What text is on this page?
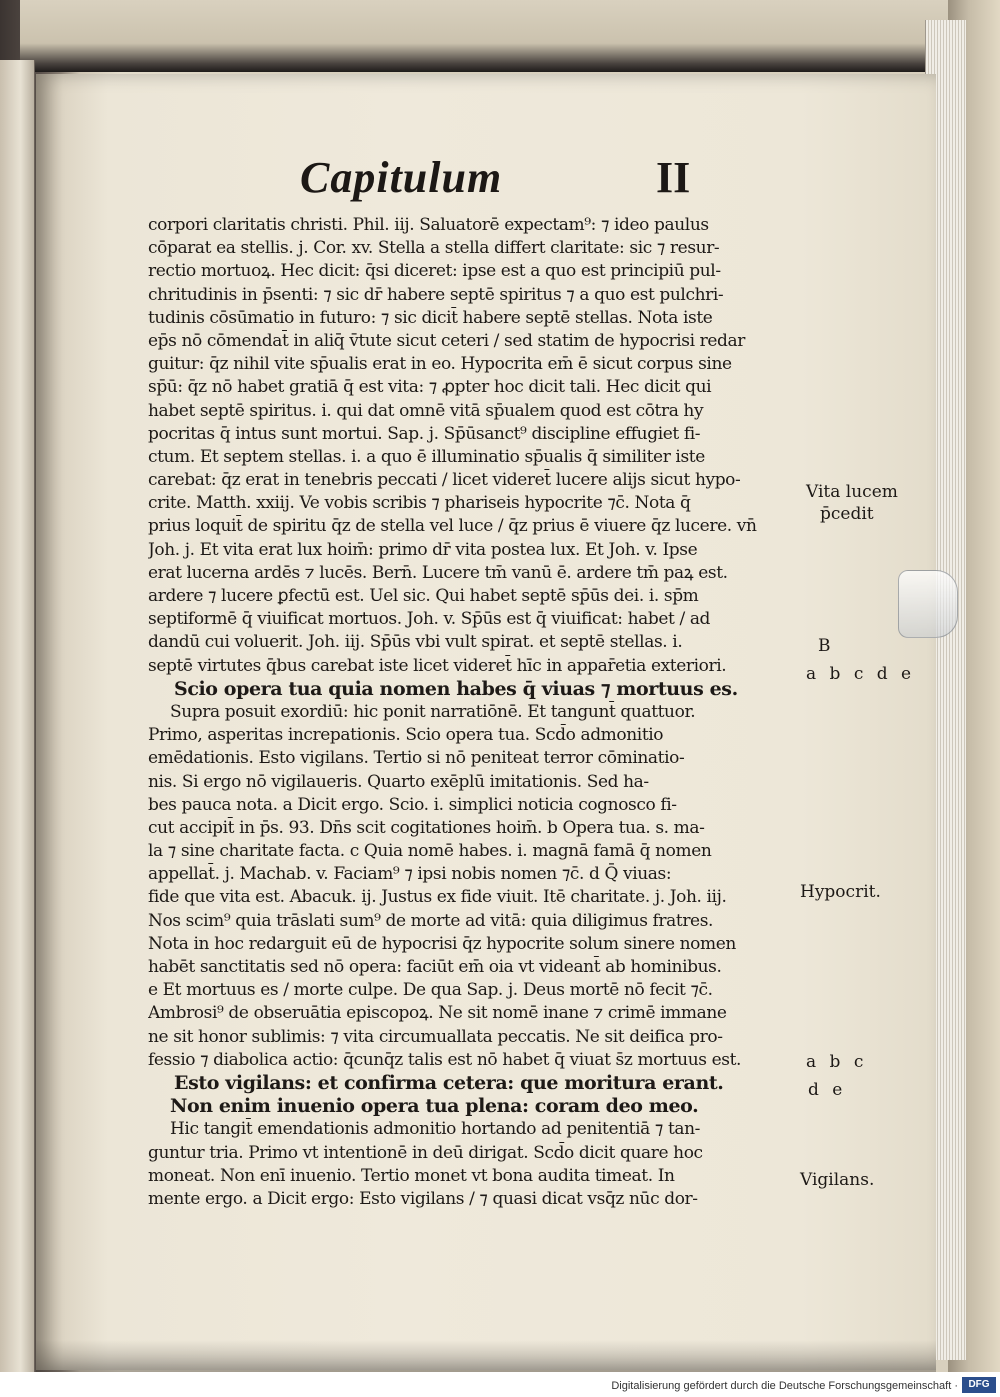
Capitulum	II
corpori claritatis christi. Phil. iij. Saluatorē expectam⁹: ⁊ ideo paulus
cōparat ea stellis. j. Cor. xv. Stella a stella differt claritate: sic ⁊ resur-
rectio mortuoꝝ. Hec dicit: q̄si diceret: ipse est a quo est principiū pul-
chritudinis in p̄senti: ⁊ sic dr̄ habere septē spiritus ⁊ a quo est pulchri-
tudinis cōsūmatio in futuro: ⁊ sic dicit̄ habere septē stellas. Nota iste
ep̄s nō cōmendat̄ in aliq̄ v̄tute sicut ceteri / sed statim de hypocrisi redar
guitur: q̄z nihil vite sp̄ualis erat in eo. Hypocrita em̄ ē sicut corpus sine
sp̄ū: q̄z nō habet gratiā q̄ est vita: ⁊ ꝓpter hoc dicit tali. Hec dicit qui
habet septē spiritus. i. qui dat omnē vitā sp̄ualem quod est cōtra hy
pocritas q̄ intus sunt mortui. Sap. j. Sp̄ūsanct⁹ discipline effugiet fi-
ctum. Et septem stellas. i. a quo ē illuminatio sp̄ualis q̄ similiter iste
carebat: q̄z erat in tenebris peccati / licet videret̄ lucere alijs sicut hypo-
crite. Matth. xxiij. Ve vobis scribis ⁊ phariseis hypocrite ⁊c̄. Nota q̄
prius loquit̄ de spiritu q̄z de stella vel luce / q̄z prius ē viuere q̄z lucere. vn̄
Joh. j. Et vita erat lux hoim̄: primo dr̄ vita postea lux. Et Joh. v. Ipse
erat lucerna ardēs ⁊ lucēs. Bern̄. Lucere tm̄ vanū ē. ardere tm̄ paꝝ est.
ardere ⁊ lucere ꝑfectū est. Uel sic. Qui habet septē sp̄ūs dei. i. sp̄m
septiformē q̄ viuificat mortuos. Joh. v. Sp̄ūs est q̄ viuificat: habet / ad
dandū cui voluerit. Joh. iij. Sp̄ūs vbi vult spirat. et septē stellas. i.
septē virtutes q̄bus carebat iste licet videret̄ hīc in appar̄etia exteriori.
Scio opera tua quia nomen habes q̄ viuas ⁊ mortuus es.
Supra posuit exordiū: hic ponit narratiōnē. Et tangunt̄ quattuor.
Primo, asperitas increpationis. Scio opera tua. Scd̄o admonitio
emēdationis. Esto vigilans. Tertio si nō peniteat terror cōminatio-
nis. Si ergo nō vigilaueris. Quarto exēplū imitationis. Sed ha-
bes pauca nota. a Dicit ergo. Scio. i. simplici noticia cognosco fi-
cut accipit̄ in p̄s. 93. Dn̄s scit cogitationes hoim̄. b Opera tua. s. ma-
la ⁊ sine charitate facta. c Quia nomē habes. i. magnā famā q̄ nomen
appellat̄. j. Machab. v. Faciam⁹ ⁊ ipsi nobis nomen ⁊c̄. d Q̄ viuas:
fide que vita est. Abacuk. ij. Justus ex fide viuit. Itē charitate. j. Joh. iij.
Nos scim⁹ quia trāslati sum⁹ de morte ad vitā: quia diligimus fratres.
Nota in hoc redarguit eū de hypocrisi q̄z hypocrite solum sinere nomen
habēt sanctitatis sed nō opera: faciūt em̄ oia vt videant̄ ab hominibus.
e Et mortuus es / morte culpe. De qua Sap. j. Deus mortē nō fecit ⁊c̄.
Ambrosi⁹ de obseruātia episcopoꝝ. Ne sit nomē inane ⁊ crimē immane
ne sit honor sublimis: ⁊ vita circumuallata peccatis. Ne sit deifica pro-
fessio ⁊ diabolica actio: q̄cunq̄z talis est nō habet q̄ viuat s̄z mortuus est.
Esto vigilans: et confirma cetera: que moritura erant.
Non enim inuenio opera tua plena: coram deo meo.
Hic tangit̄ emendationis admonitio hortando ad penitentiā ⁊ tan-
guntur tria. Primo vt intentionē in deū dirigat. Scd̄o dicit quare hoc
moneat. Non enī inuenio. Tertio monet vt bona audita timeat. In
mente ergo. a Dicit ergo: Esto vigilans / ⁊ quasi dicat vsq̄z nūc dor-
Vita lucem
p̄cedit
B
a b c d e
Hypocrit.
a b c
d e
Vigilans.
Digitalisierung gefördert durch die Deutsche Forschungsgemeinschaft ·	DFG
